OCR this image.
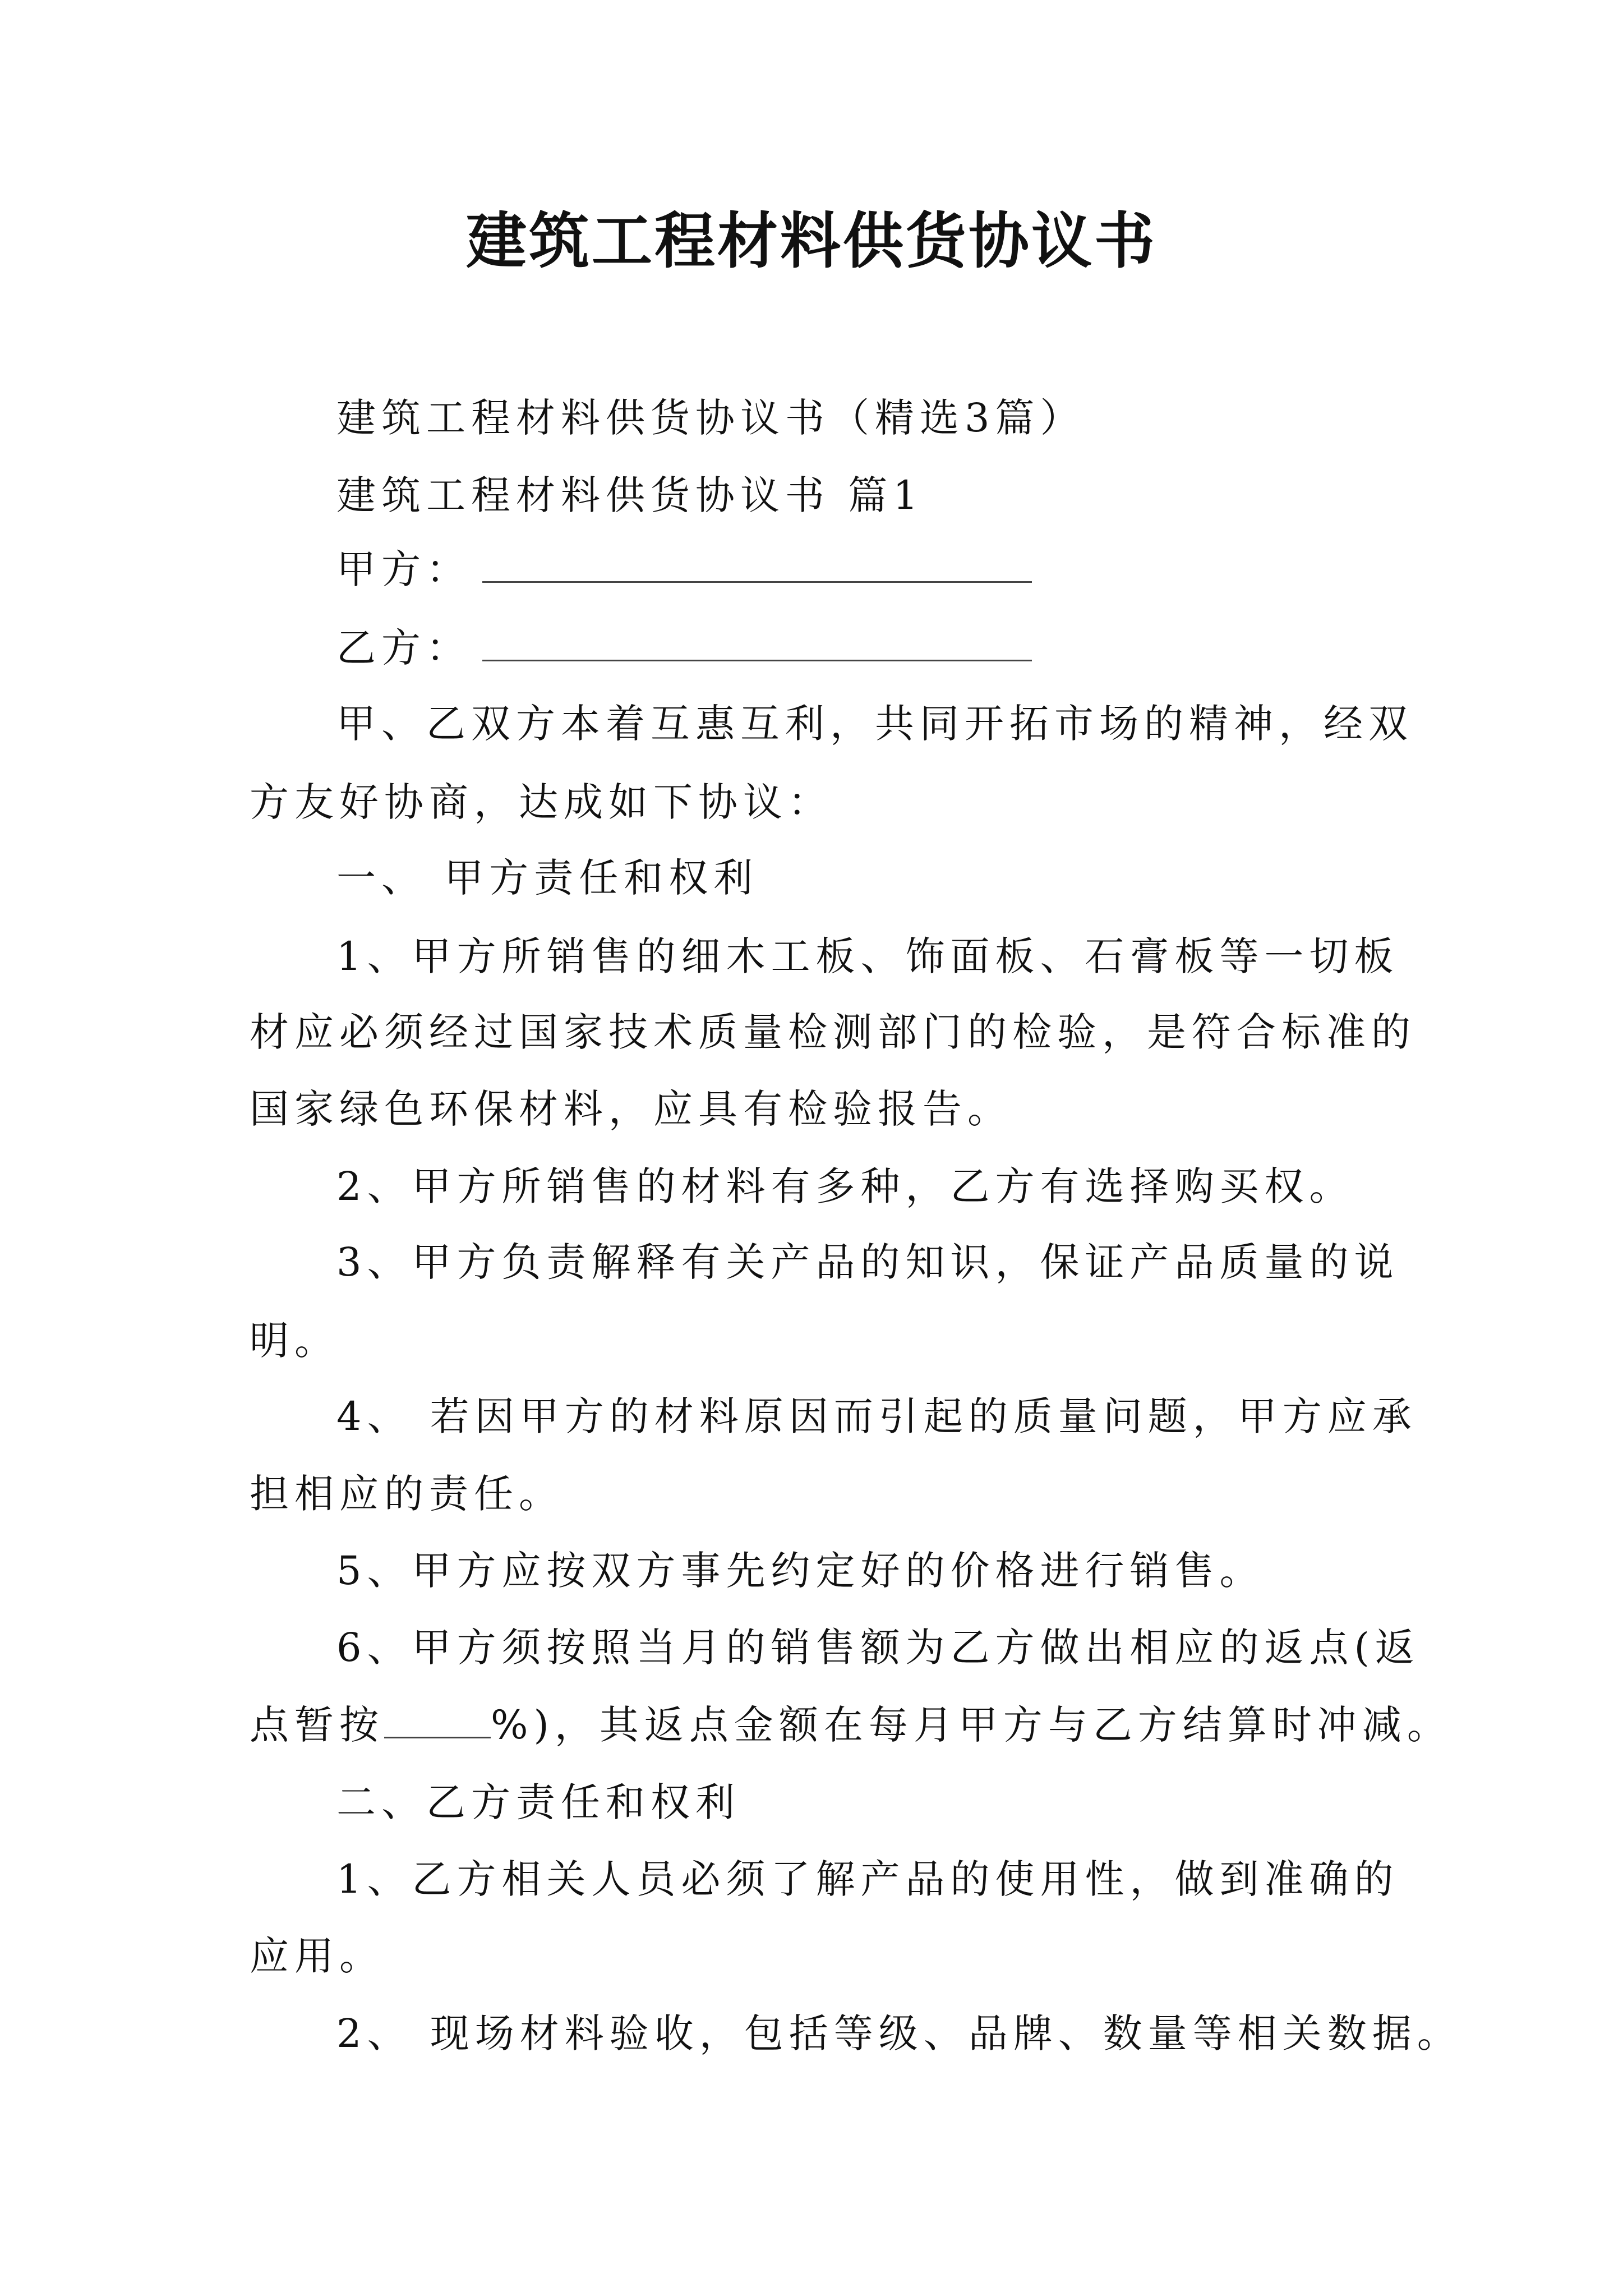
建筑工程材料供货协议书

建筑工程材料供货协议书（精选3篇）

建筑工程材料供货协议书 篇1

甲方：

乙方：

甲、乙双方本着互惠互利，共同开拓市场的精神，经双

方友好协商，达成如下协议：

一、 甲方责任和权利

1、甲方所销售的细木工板、饰面板、石膏板等一切板

材应必须经过国家技术质量检测部门的检验，是符合标准的

国家绿色环保材料，应具有检验报告。

2、甲方所销售的材料有多种，乙方有选择购买权。

3、甲方负责解释有关产品的知识，保证产品质量的说

明。

4、 若因甲方的材料原因而引起的质量问题，甲方应承

担相应的责任。

5、甲方应按双方事先约定好的价格进行销售。

6、甲方须按照当月的销售额为乙方做出相应的返点(返

点暂按	%)，其返点金额在每月甲方与乙方结算时冲减。

二、乙方责任和权利

1、乙方相关人员必须了解产品的使用性，做到准确的

应用。

2、 现场材料验收，包括等级、品牌、数量等相关数据。
